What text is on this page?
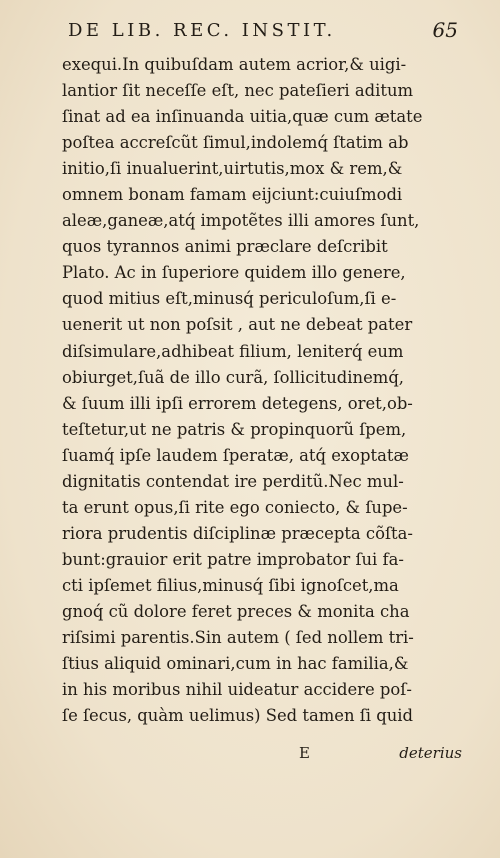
DE LIB. REC. INSTIT.	65
exequi.In quibuſdam autem acrior,& uigi-
lantior ſit neceſſe eſt, nec pateſieri aditum
ſinat ad ea inſinuanda uitia,quæ cum ætate
poſtea accreſcũt ſimul,indolemq́ ſtatim ab
initio,ſi inualuerint,uirtutis,mox & rem,&
omnem bonam famam eijciunt:cuiuſmodi
aleæ,ganeæ,atq́ impotẽtes illi amores ſunt,
quos tyrannos animi præclare deſcribit
Plato. Ac in ſuperiore quidem illo genere,
quod mitius eſt,minusq́ periculoſum,ſi e-
uenerit ut non poſsit , aut ne debeat pater
diſsimulare,adhibeat filium, leniterq́ eum
obiurget,ſuã de illo curã, ſollicitudinemq́,
& ſuum illi ipſi errorem detegens, oret,ob-
teſtetur,ut ne patris & propinquorũ ſpem,
ſuamq́ ipſe laudem ſperatæ, atq́ exoptatæ
dignitatis contendat ire perditũ.Nec mul-
ta erunt opus,ſi rite ego coniecto, & ſupe-
riora prudentis diſciplinæ præcepta cõſta-
bunt:grauior erit patre improbator ſui fa-
cti ipſemet filius,minusq́ ſibi ignoſcet,ma
gnoq́ cũ dolore feret preces & monita cha
riſsimi parentis.Sin autem ( ſed nollem tri-
ſtius aliquid ominari,cum in hac familia,&
in his moribus nihil uideatur accidere poſ-
ſe ſecus, quàm uelimus) Sed tamen ſi quid
E	deterius
